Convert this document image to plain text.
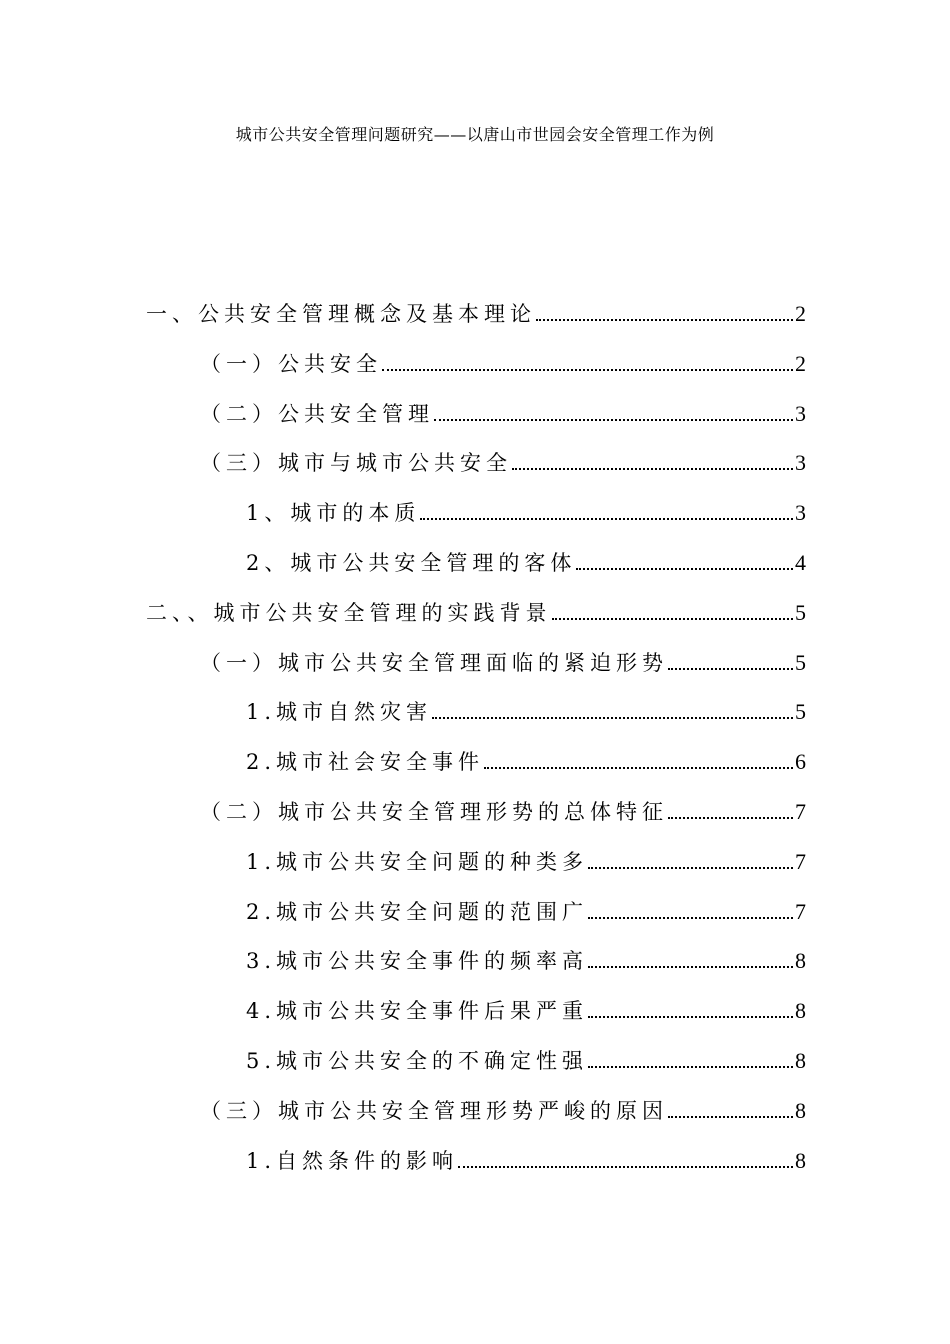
城市公共安全管理问题研究——以唐山市世园会安全管理工作为例
一、公共安全管理概念及基本理论	2
（一）公共安全	2
（二）公共安全管理	3
（三）城市与城市公共安全	3
1、城市的本质	3
2、城市公共安全管理的客体	4
二、、城市公共安全管理的实践背景	5
（一）城市公共安全管理面临的紧迫形势	5
1.城市自然灾害	5
2.城市社会安全事件	6
（二）城市公共安全管理形势的总体特征	7
1.城市公共安全问题的种类多	7
2.城市公共安全问题的范围广	7
3.城市公共安全事件的频率高	8
4.城市公共安全事件后果严重	8
5.城市公共安全的不确定性强	8
（三）城市公共安全管理形势严峻的原因	8
1.自然条件的影响	8
